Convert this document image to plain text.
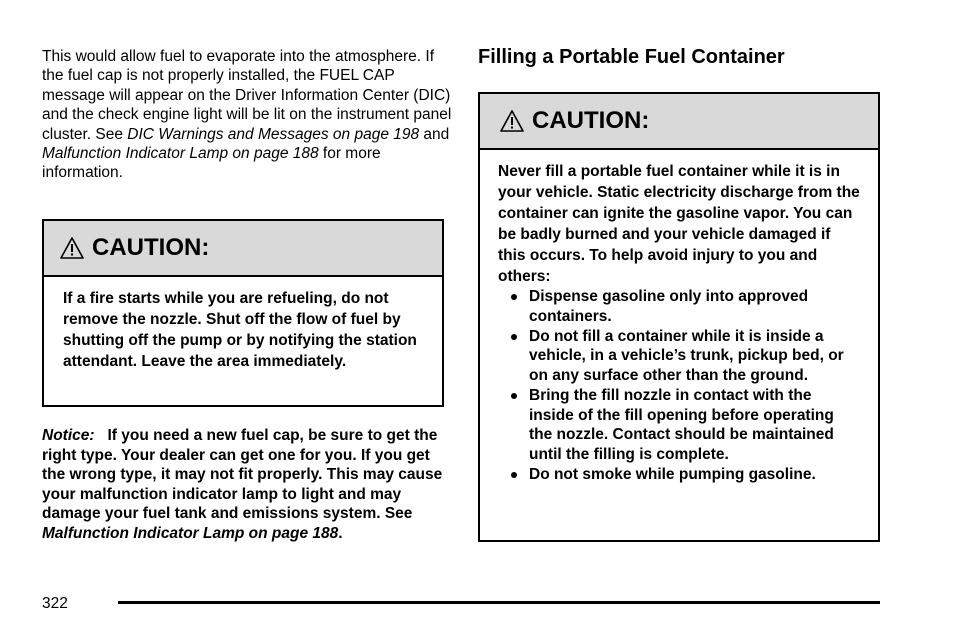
This would allow fuel to evaporate into the atmosphere. If the fuel cap is not properly installed, the FUEL CAP message will appear on the Driver Information Center (DIC) and the check engine light will be lit on the instrument panel cluster. See DIC Warnings and Messages on page 198 and Malfunction Indicator Lamp on page 188 for more information.

CAUTION:
If a fire starts while you are refueling, do not remove the nozzle. Shut off the flow of fuel by shutting off the pump or by notifying the station attendant. Leave the area immediately.

Notice: If you need a new fuel cap, be sure to get the right type. Your dealer can get one for you. If you get the wrong type, it may not fit properly. This may cause your malfunction indicator lamp to light and may damage your fuel tank and emissions system. See Malfunction Indicator Lamp on page 188.

Filling a Portable Fuel Container
CAUTION:
Never fill a portable fuel container while it is in your vehicle. Static electricity discharge from the container can ignite the gasoline vapor. You can be badly burned and your vehicle damaged if this occurs. To help avoid injury to you and others:
Dispense gasoline only into approved containers.
Do not fill a container while it is inside a vehicle, in a vehicle’s trunk, pickup bed, or on any surface other than the ground.
Bring the fill nozzle in contact with the inside of the fill opening before operating the nozzle. Contact should be maintained until the filling is complete.
Do not smoke while pumping gasoline.

322
